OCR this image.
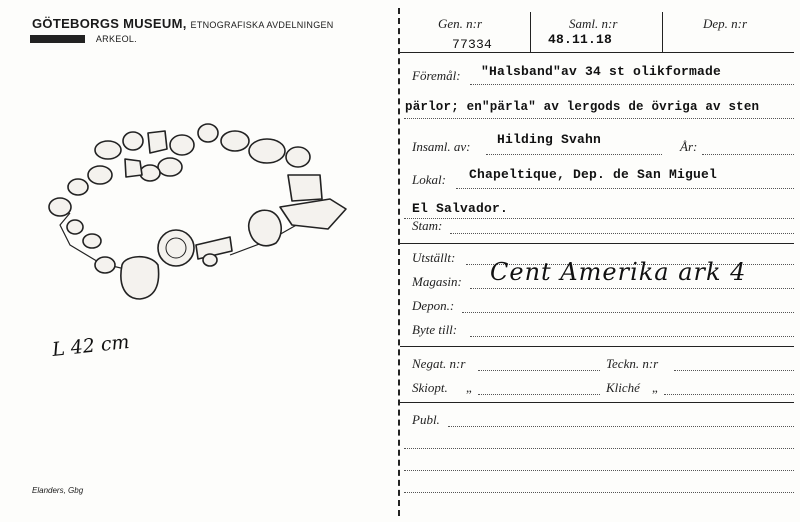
GÖTEBORGS MUSEUM, ETNOGRAFISKA AVDELNINGEN
ARKEOL.
L 42 cm
Elanders, Gbg
Gen. n:r
77334
Saml. n:r
48.11.18
Dep. n:r
Föremål: "Halsband"av 34 st olikformade
pärlor; en"pärla" av lergods de övriga av sten
Insaml. av: Hilding Svahn	År:
Lokal: Chapeltique, Dep. de San Miguel
El Salvador.
Stam:
Utställt:
Magasin: Cent Amerika ark 4
Depon.:
Byte till:
Negat. n:r	Teckn. n:r
Skiopt. „	Kliché „
Publ.
